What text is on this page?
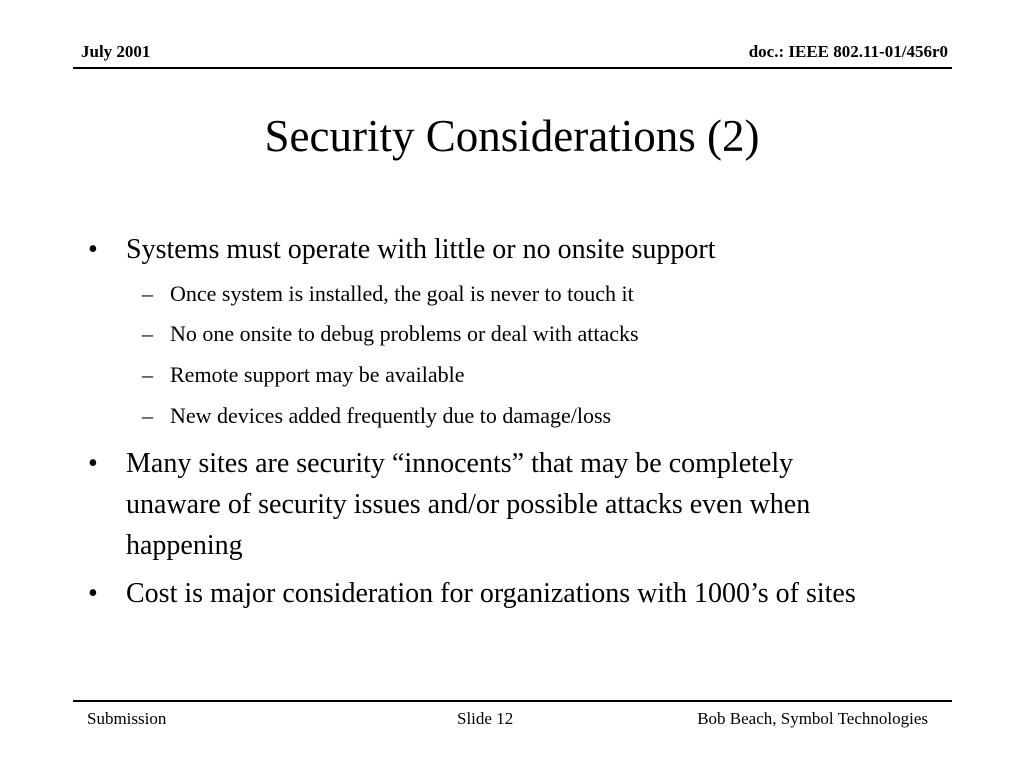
July 2001	doc.: IEEE 802.11-01/456r0
Security Considerations (2)
• Systems must operate with little or no onsite support
– Once system is installed, the goal is never to touch it
– No one onsite to debug problems or deal with attacks
– Remote support may be available
– New devices added frequently due to damage/loss
• Many sites are security “innocents” that may be completely unaware of security issues and/or possible attacks even when happening
• Cost is major consideration for organizations with 1000’s of sites
Submission	Slide 12	Bob Beach, Symbol Technologies
